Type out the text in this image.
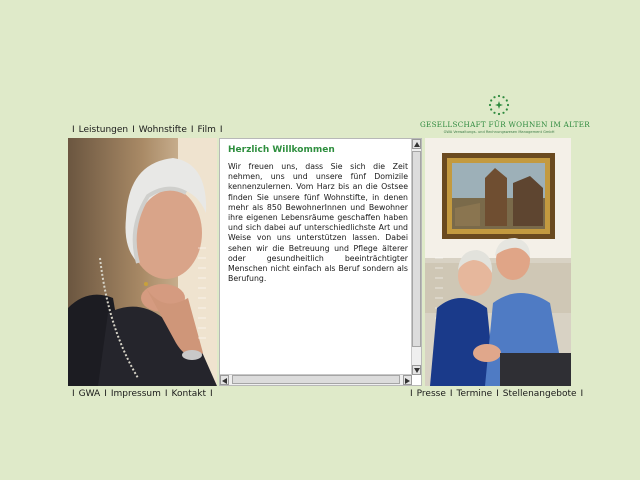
I Leistungen I Wohnstifte I Film I
GESELLSCHAFT FÜR WOHNEN IM ALTER
GWA Verwaltungs- und Rechnungswesen Management GmbH
Herzlich Willkommen
Wir freuen uns, dass Sie sich die Zeit nehmen, uns und unsere fünf Domizile kennenzulernen. Vom Harz bis an die Ostsee finden Sie unsere fünf Wohnstifte, in denen mehr als 850 BewohnerInnen und Bewohner ihre eigenen Lebensräume geschaffen haben und sich dabei auf unterschiedlichste Art und Weise von uns unterstützen lassen. Dabei sehen wir die Betreuung und Pflege älterer oder gesundheitlich beeinträchtigter Menschen nicht einfach als Beruf sondern als Berufung.
I GWA I Impressum I Kontakt I	I Presse I Termine I Stellenangebote I
